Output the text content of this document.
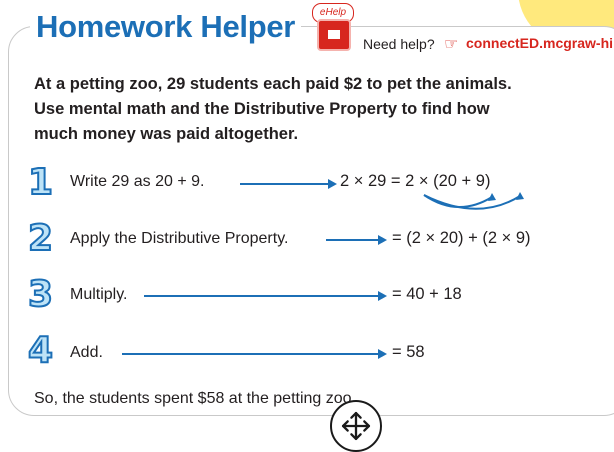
Homework Helper	eHelp
Need help? ☞ connectED.mcgraw-hi
At a petting zoo, 29 students each paid $2 to pet the animals. Use mental math and the Distributive Property to find how much money was paid altogether.
1	Write 29 as 20 + 9.	2 × 29 = 2 × (20 + 9)
2	Apply the Distributive Property.	= (2 × 20) + (2 × 9)
3	Multiply.	= 40 + 18
4	Add.	= 58
So, the students spent $58 at the petting zoo.
